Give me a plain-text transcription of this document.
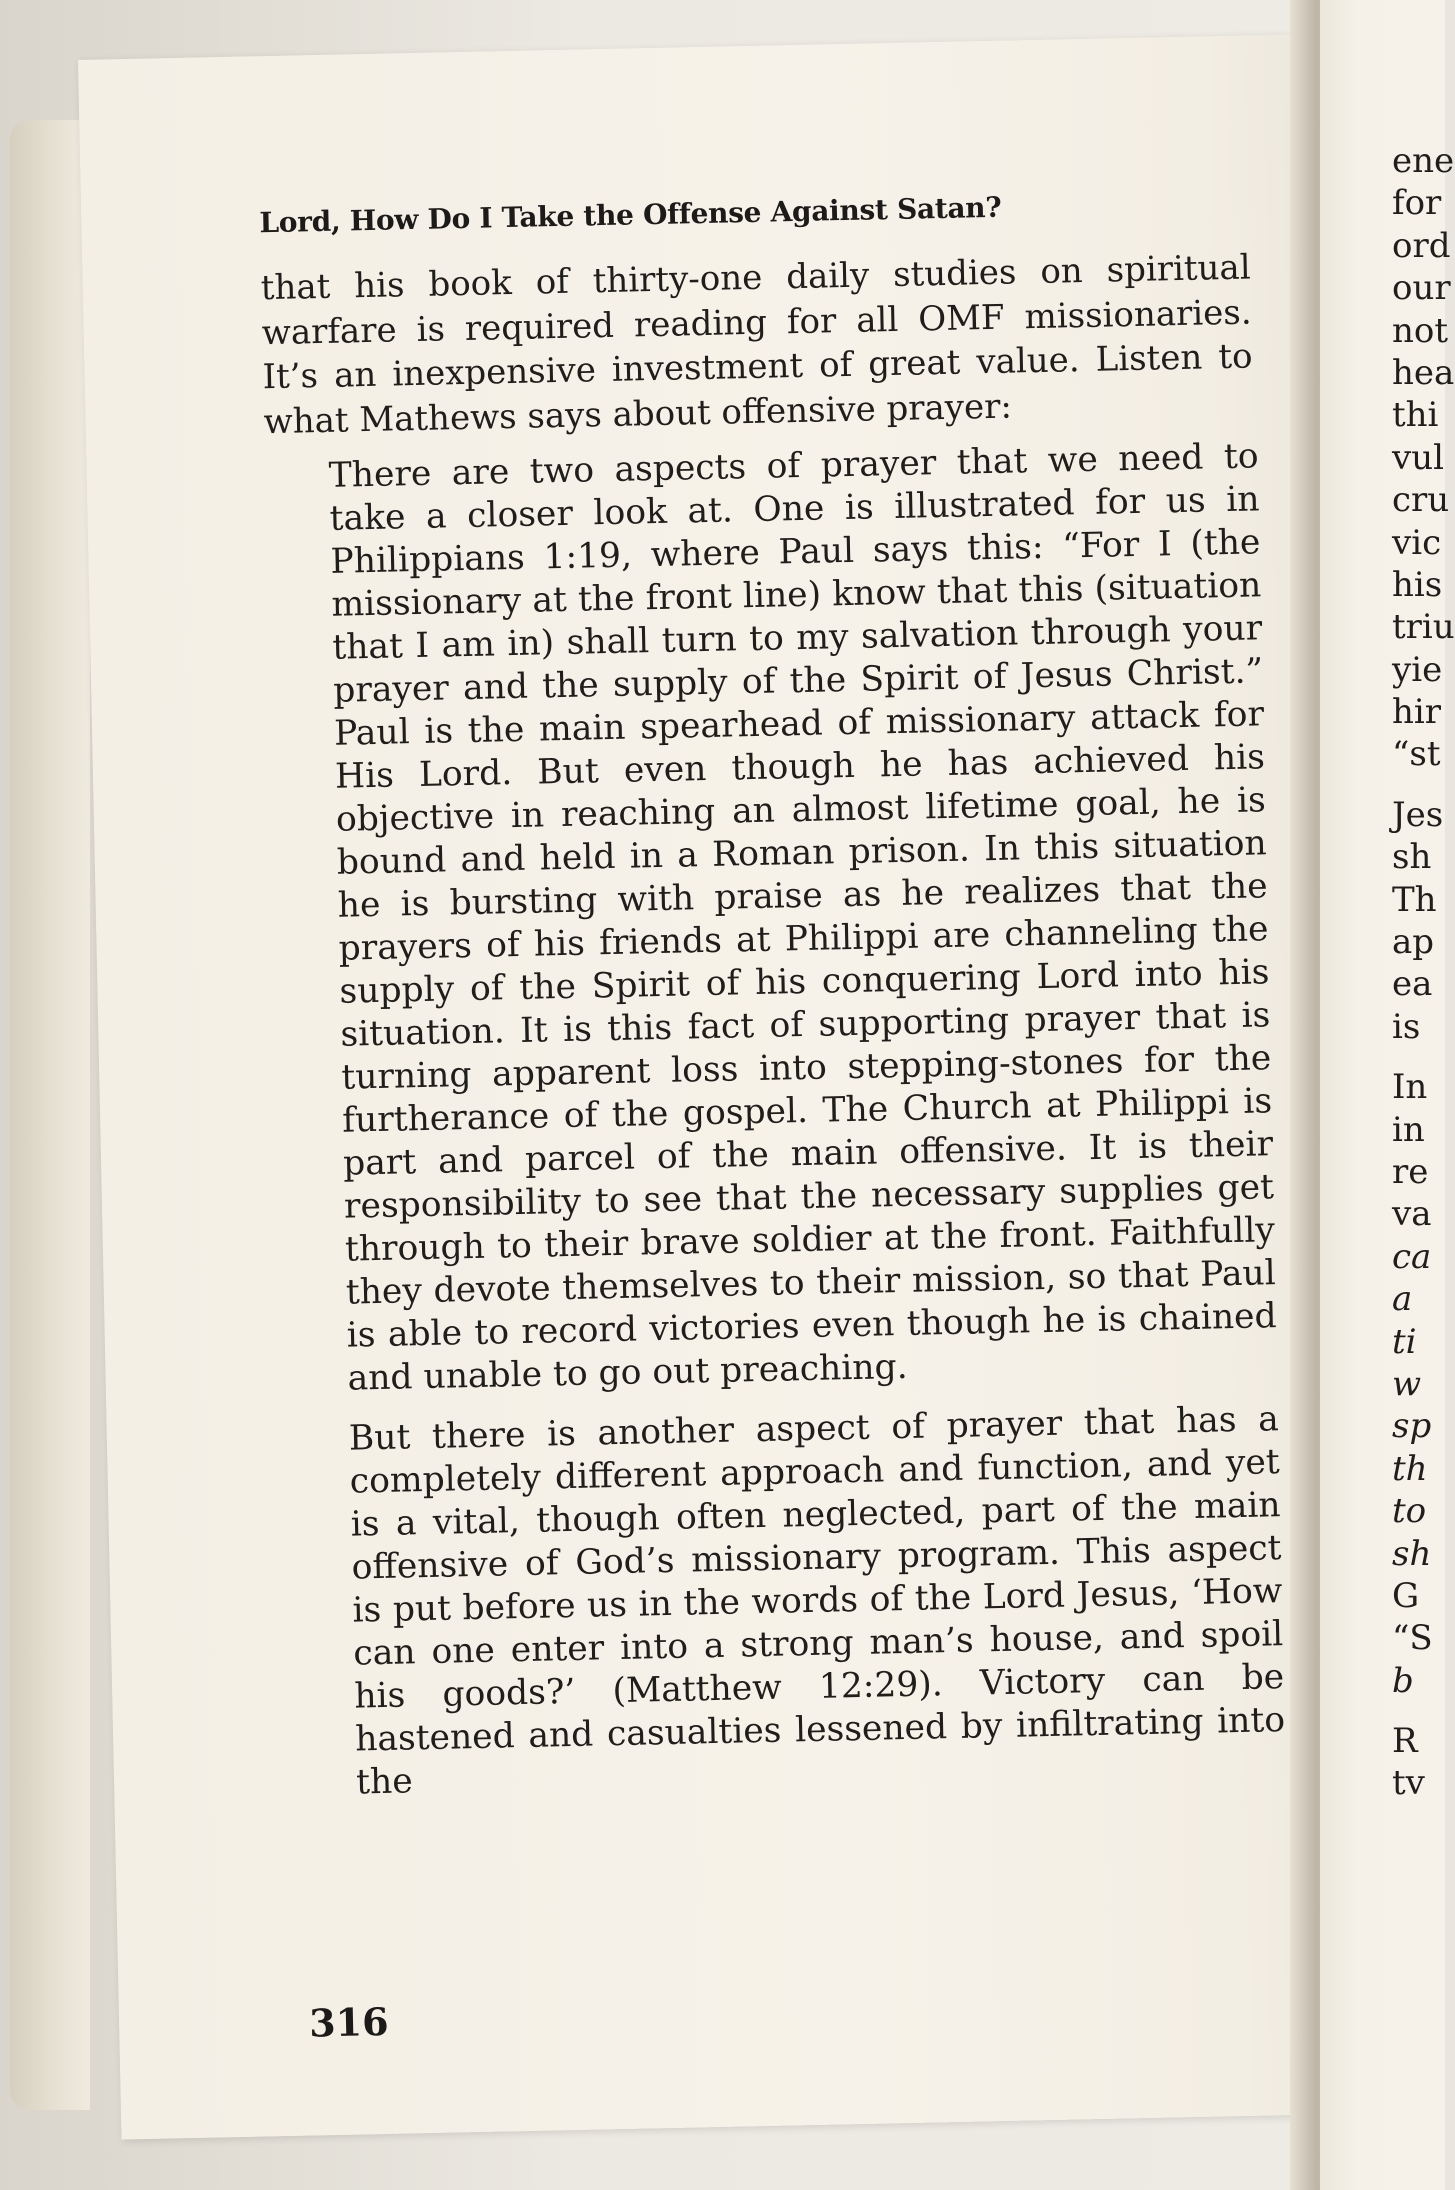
Lord, How Do I Take the Offense Against Satan?
that his book of thirty-one daily studies on spiritual warfare is required reading for all OMF missionaries. It’s an inexpensive investment of great value. Listen to what Mathews says about offensive prayer:

There are two aspects of prayer that we need to take a closer look at. One is illustrated for us in Philippians 1:19, where Paul says this: “For I (the missionary at the front line) know that this (situation that I am in) shall turn to my salvation through your prayer and the supply of the Spirit of Jesus Christ.” Paul is the main spearhead of missionary attack for His Lord. But even though he has achieved his objective in reaching an almost lifetime goal, he is bound and held in a Roman prison. In this situation he is bursting with praise as he realizes that the prayers of his friends at Philippi are channeling the supply of the Spirit of his conquering Lord into his situation. It is this fact of supporting prayer that is turning apparent loss into stepping-stones for the furtherance of the gospel. The Church at Philippi is part and parcel of the main offensive. It is their responsibility to see that the necessary supplies get through to their brave soldier at the front. Faithfully they devote themselves to their mission, so that Paul is able to record victories even though he is chained and unable to go out preaching.

But there is another aspect of prayer that has a completely different approach and function, and yet is a vital, though often neglected, part of the main offensive of God’s missionary program. This aspect is put before us in the words of the Lord Jesus, ‘How can one enter into a strong man’s house, and spoil his goods?’ (Matthew 12:29). Victory can be hastened and casualties lessened by infiltrating into the

316
ene
for
ord
our
not
hea
thi
vul
cru
vic
his
triu
yie
hir
“st
Jes
sh
Th
ap
ea
is
In
in
re
va
ca
a
ti
w
sp
th
to
sh
G
“S
b
R
tv
